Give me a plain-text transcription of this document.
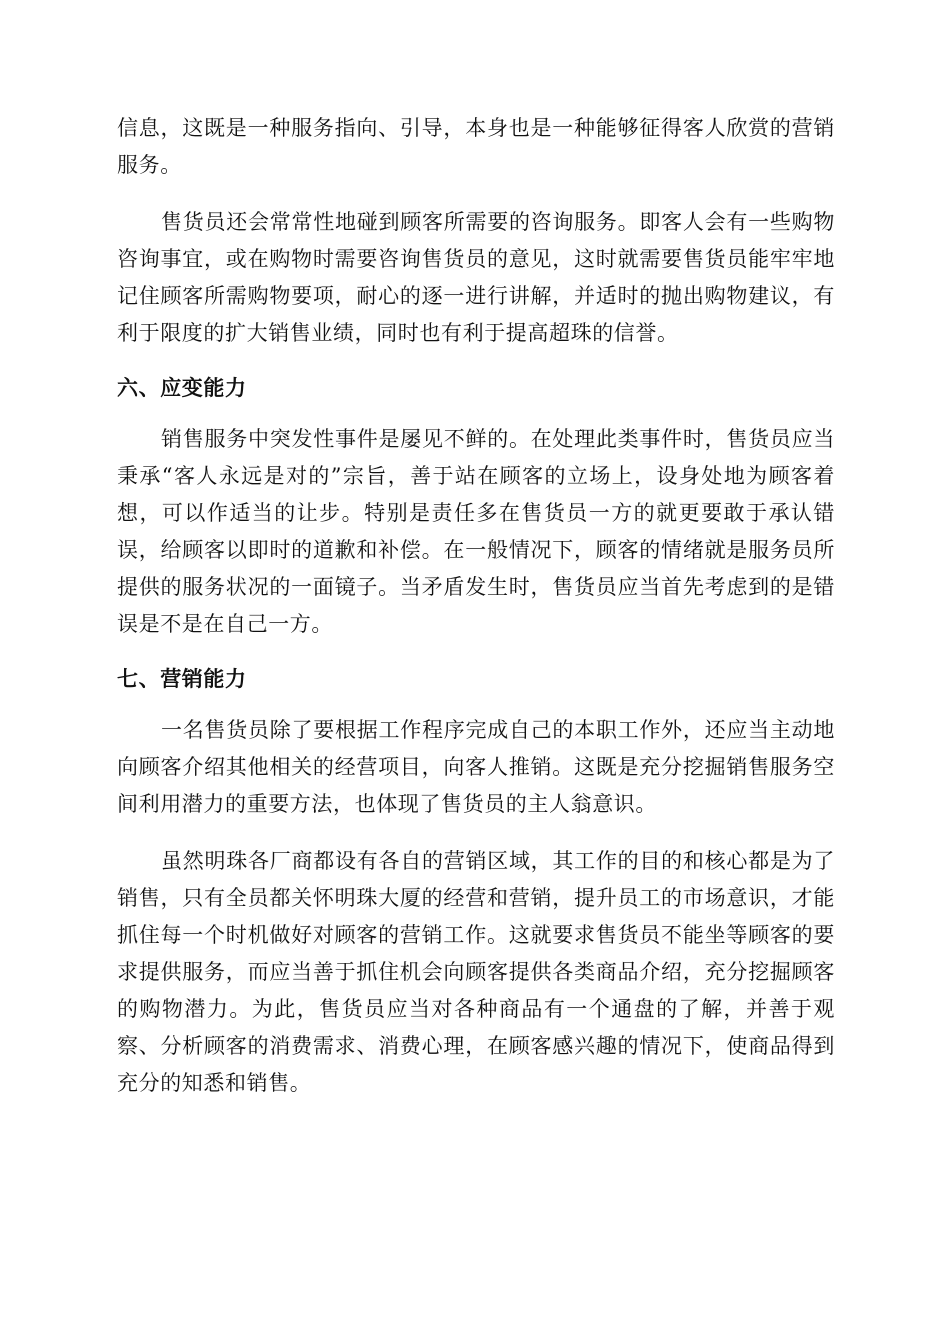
信息，这既是一种服务指向、引导，本身也是一种能够征得客人欣赏的营销服务。

售货员还会常常性地碰到顾客所需要的咨询服务。即客人会有一些购物咨询事宜，或在购物时需要咨询售货员的意见，这时就需要售货员能牢牢地记住顾客所需购物要项，耐心的逐一进行讲解，并适时的抛出购物建议，有利于限度的扩大销售业绩，同时也有利于提高超珠的信誉。

六、应变能力

销售服务中突发性事件是屡见不鲜的。在处理此类事件时，售货员应当秉承“客人永远是对的”宗旨，善于站在顾客的立场上，设身处地为顾客着想，可以作适当的让步。特别是责任多在售货员一方的就更要敢于承认错误，给顾客以即时的道歉和补偿。在一般情况下，顾客的情绪就是服务员所提供的服务状况的一面镜子。当矛盾发生时，售货员应当首先考虑到的是错误是不是在自己一方。

七、营销能力

一名售货员除了要根据工作程序完成自己的本职工作外，还应当主动地向顾客介绍其他相关的经营项目，向客人推销。这既是充分挖掘销售服务空间利用潜力的重要方法，也体现了售货员的主人翁意识。

虽然明珠各厂商都设有各自的营销区域，其工作的目的和核心都是为了销售，只有全员都关怀明珠大厦的经营和营销，提升员工的市场意识，才能抓住每一个时机做好对顾客的营销工作。这就要求售货员不能坐等顾客的要求提供服务，而应当善于抓住机会向顾客提供各类商品介绍，充分挖掘顾客的购物潜力。为此，售货员应当对各种商品有一个通盘的了解，并善于观察、分析顾客的消费需求、消费心理，在顾客感兴趣的情况下，使商品得到充分的知悉和销售。
